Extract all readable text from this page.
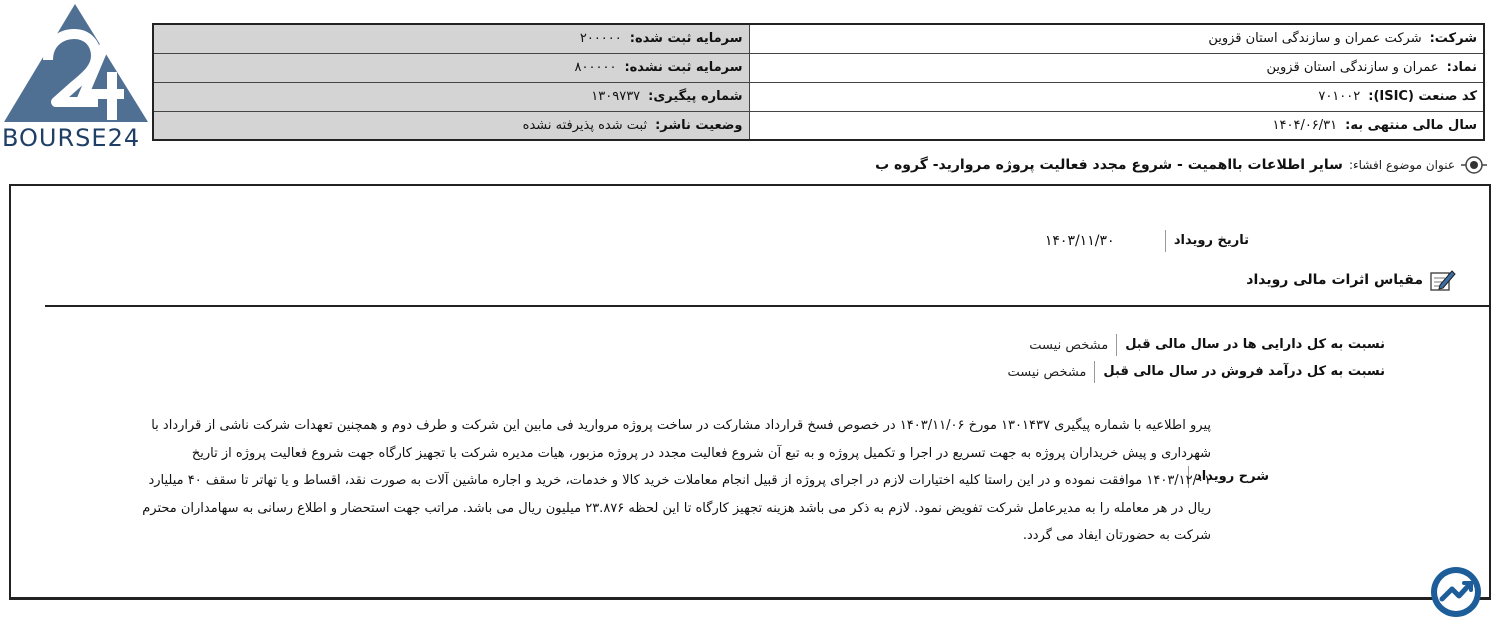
BOURSE24
شرکت:شرکت عمران و سازندگی استان قزوین	سرمایه ثبت شده:۲۰۰۰۰۰
نماد:عمران و سازندگی استان قزوین	سرمایه ثبت نشده:۸۰۰۰۰۰
کد صنعت (ISIC):۷۰۱۰۰۲	شماره پیگیری:۱۳۰۹۷۳۷
سال مالی منتهی به:۱۴۰۴/۰۶/۳۱	وضعیت ناشر:ثبت شده پذیرفته نشده
عنوان موضوع افشاء:
سایر اطلاعات بااهمیت - شروع مجدد فعالیت پروژه مروارید- گروه ب
تاریخ رویداد
۱۴۰۳/۱۱/۳۰
مقیاس اثرات مالی رویداد
نسبت به کل دارایی ها در سال مالی قبل
مشخص نیست
نسبت به کل درآمد فروش در سال مالی قبل
مشخص نیست
شرح رویداد
پیرو اطلاعیه با شماره پیگیری ۱۳۰۱۴۳۷ مورخ ۱۴۰۳/۱۱/۰۶ در خصوص فسخ قرارداد مشارکت در ساخت پروژه مروارید فی مابین این شرکت و طرف دوم و همچنین تعهدات شرکت ناشی از قرارداد با شهرداری و پیش خریداران پروژه به جهت تسریع در اجرا و تکمیل پروژه و به تبع آن شروع فعالیت مجدد در پروژه مزبور، هیات مدیره شرکت با تجهیز کارگاه جهت شروع فعالیت پروژه از تاریخ ۱۴۰۳/۱۲/۰۱ موافقت نموده و در این راستا کلیه اختیارات لازم در اجرای پروژه از قبیل انجام معاملات خرید کالا و خدمات، خرید و اجاره ماشین آلات به صورت نقد، اقساط و یا تهاتر تا سقف ۴۰ میلیارد ریال در هر معامله را به مدیرعامل شرکت تفویض نمود. لازم به ذکر می باشد هزینه تجهیز کارگاه تا این لحظه ۲۳.۸۷۶ میلیون ریال می باشد. مراتب جهت استحضار و اطلاع رسانی به سهامداران محترم شرکت به حضورتان ایفاد می گردد.
